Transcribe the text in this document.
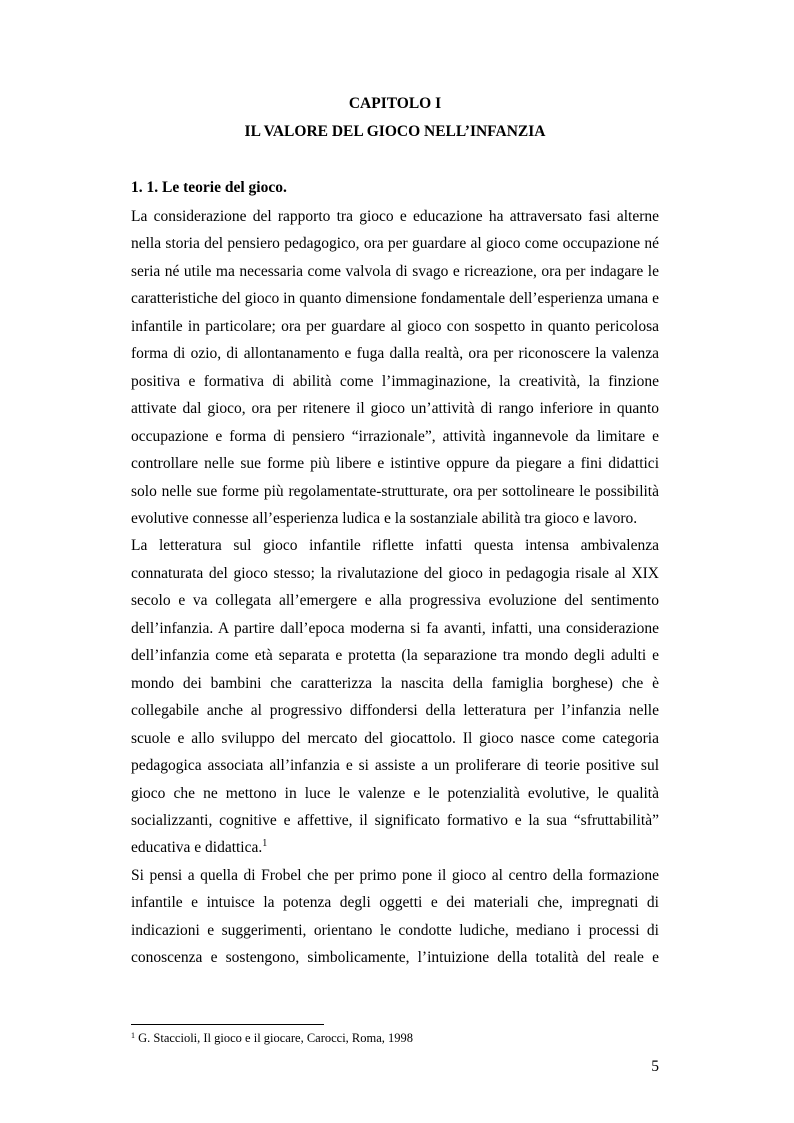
CAPITOLO I
IL VALORE DEL GIOCO NELL’INFANZIA
1. 1. Le teorie del gioco.

La considerazione del rapporto tra gioco e educazione ha attraversato fasi alterne nella storia del pensiero pedagogico, ora per guardare al gioco come occupazione né seria né utile ma necessaria come valvola di svago e ricreazione, ora per indagare le caratteristiche del gioco in quanto dimensione fondamentale dell’esperienza umana e infantile in particolare; ora per guardare al gioco con sospetto in quanto pericolosa forma di ozio, di allontanamento e fuga dalla realtà, ora per riconoscere la valenza positiva e formativa di abilità come l’immaginazione, la creatività, la finzione attivate dal gioco, ora per ritenere il gioco un’attività di rango inferiore in quanto occupazione e forma di pensiero “irrazionale”, attività ingannevole da limitare e controllare nelle sue forme più libere e istintive oppure da piegare a fini didattici solo nelle sue forme più regolamentate-strutturate, ora per sottolineare le possibilità evolutive connesse all’esperienza ludica e la sostanziale abilità tra gioco e lavoro.

La letteratura sul gioco infantile riflette infatti questa intensa ambivalenza connaturata del gioco stesso; la rivalutazione del gioco in pedagogia risale al XIX secolo e va collegata all’emergere e alla progressiva evoluzione del sentimento dell’infanzia. A partire dall’epoca moderna si fa avanti, infatti, una considerazione dell’infanzia come età separata e protetta (la separazione tra mondo degli adulti e mondo dei bambini che caratterizza la nascita della famiglia borghese) che è collegabile anche al progressivo diffondersi della letteratura per l’infanzia nelle scuole e allo sviluppo del mercato del giocattolo. Il gioco nasce come categoria pedagogica associata all’infanzia e si assiste a un proliferare di teorie positive sul gioco che ne mettono in luce le valenze e le potenzialità evolutive, le qualità socializzanti, cognitive e affettive, il significato formativo e la sua “sfruttabilità” educativa e didattica.$^1$

Si pensi a quella di Frobel che per primo pone il gioco al centro della formazione infantile e intuisce la potenza degli oggetti e dei materiali che, impregnati di indicazioni e suggerimenti, orientano le condotte ludiche, mediano i processi di conoscenza e sostengono, simbolicamente, l’intuizione della totalità del reale e

$^1$ G. Staccioli, Il gioco e il giocare, Carocci, Roma, 1998
5
